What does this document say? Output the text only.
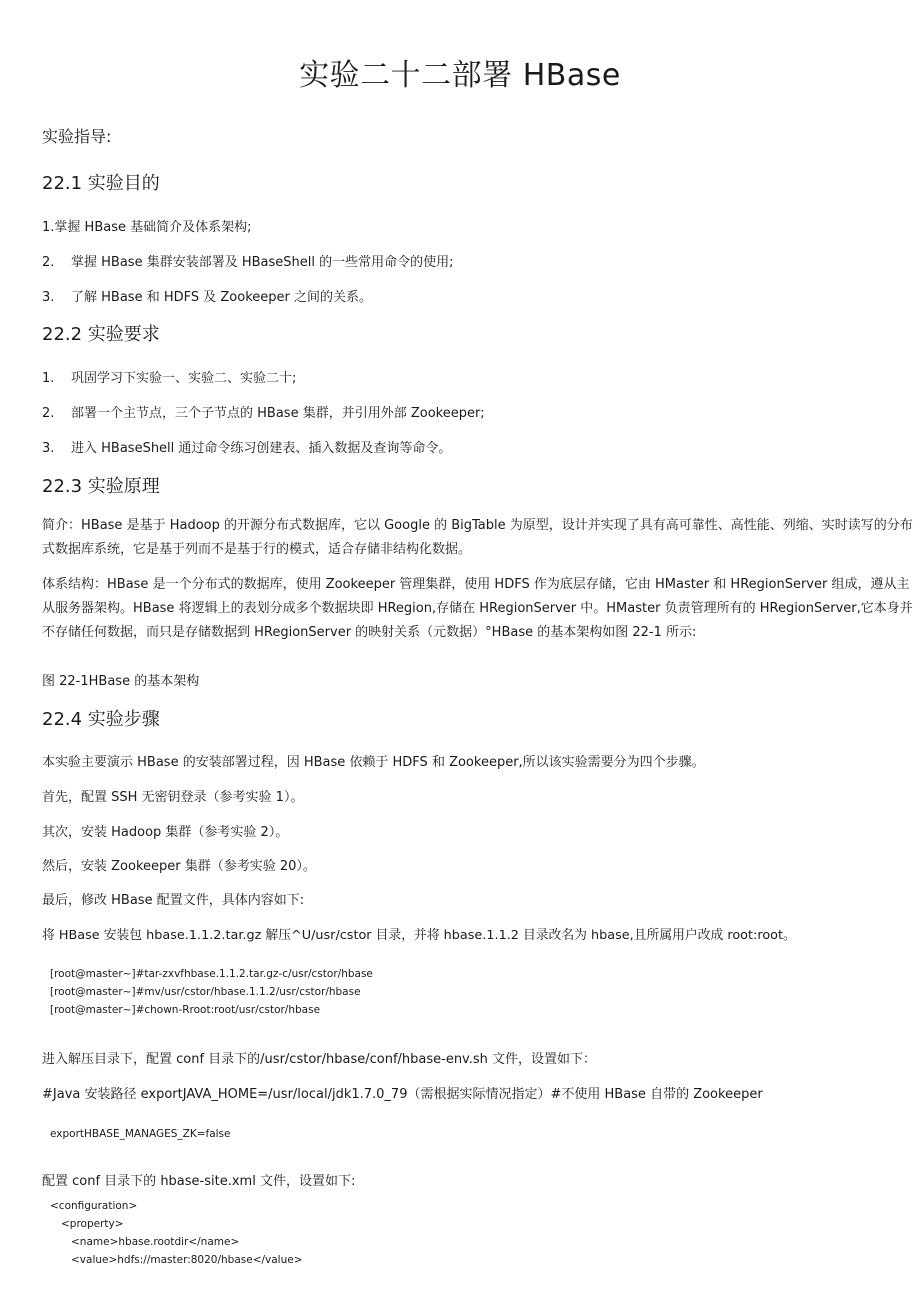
实验二十二部署 HBase
实验指导:
22.1 实验目的
1.掌握 HBase 基础简介及体系架构;
2. 掌握 HBase 集群安装部署及 HBaseShell 的一些常用命令的使用;
3. 了解 HBase 和 HDFS 及 Zookeeper 之间的关系。
22.2 实验要求
1. 巩固学习下实验一、实验二、实验二十;
2. 部署一个主节点，三个子节点的 HBase 集群，并引用外部 Zookeeper;
3. 进入 HBaseShell 通过命令练习创建表、插入数据及查询等命令。
22.3 实验原理
简介：HBase 是基于 Hadoop 的开源分布式数据库，它以 Google 的 BigTable 为原型，设计并实现了具有高可靠性、高性能、列缩、实时读写的分布式数据库系统，它是基于列而不是基于行的模式，适合存储非结构化数据。
体系结构：HBase 是一个分布式的数据库，使用 Zookeeper 管理集群，使用 HDFS 作为底层存储，它由 HMaster 和 HRegionServer 组成，遵从主从服务器架构。HBase 将逻辑上的表划分成多个数据块即 HRegion,存储在 HRegionServer 中。HMaster 负责管理所有的 HRegionServer,它本身并不存储任何数据，而只是存储数据到 HRegionServer 的映射关系（元数据）°HBase 的基本架构如图 22-1 所示:
图 22-1HBase 的基本架构
22.4 实验步骤
本实验主要演示 HBase 的安装部署过程，因 HBase 依赖于 HDFS 和 Zookeeper,所以该实验需要分为四个步骤。
首先，配置 SSH 无密钥登录（参考实验 1）。
其次，安装 Hadoop 集群（参考实验 2）。
然后，安装 Zookeeper 集群（参考实验 20）。
最后，修改 HBase 配置文件，具体内容如下:
将 HBase 安装包 hbase.1.1.2.tar.gz 解压^U/usr/cstor 目录，并将 hbase.1.1.2 目录改名为 hbase,且所属用户改成 root:root。
[root@master~]#tar-zxvfhbase.1.1.2.tar.gz-c/usr/cstor/hbase
[root@master~]#mv/usr/cstor/hbase.1.1.2/usr/cstor/hbase
[root@master~]#chown-Rroot:root/usr/cstor/hbase
进入解压目录下，配置 conf 目录下的/usr/cstor/hbase/conf/hbase-env.sh 文件，设置如下：
#Java 安装路径 exportJAVA_HOME=/usr/local/jdk1.7.0_79（需根据实际情况指定）#不使用 HBase 自带的 Zookeeper
exportHBASE_MANAGES_ZK=false
配置 conf 目录下的 hbase-site.xml 文件，设置如下:
<configuration>
<property>
<name>hbase.rootdir</name>
<value>hdfs://master:8020/hbase</value>
